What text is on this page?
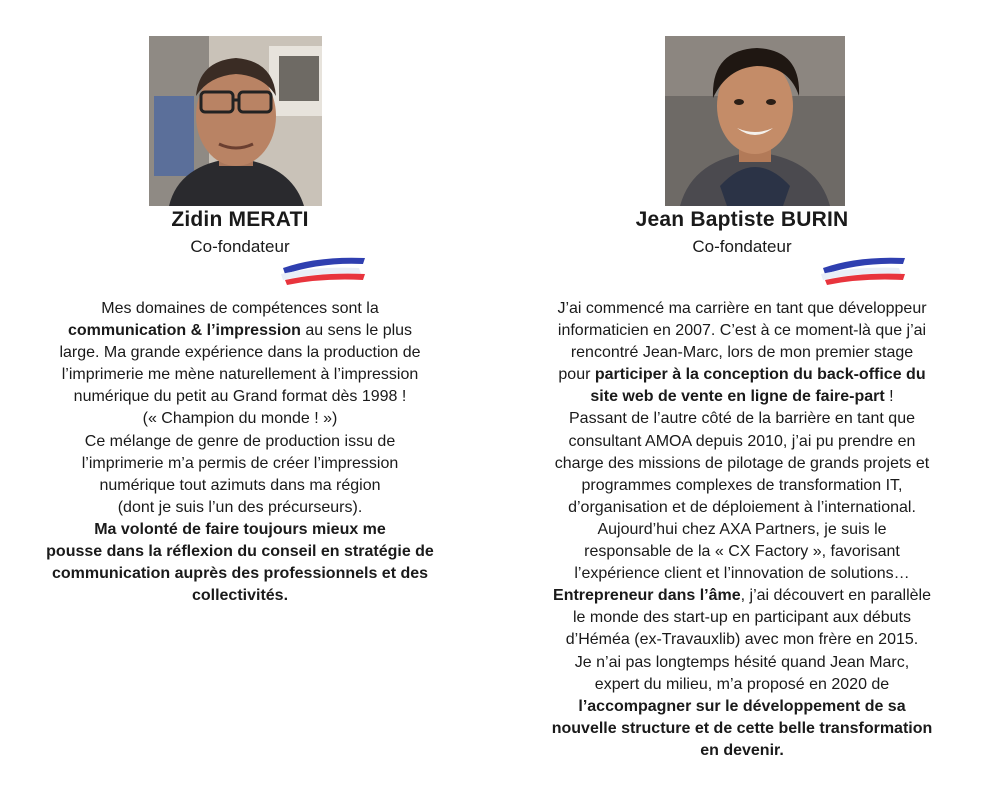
Zidin MERATI
Co-fondateur

Mes domaines de compétences sont la

communication & l’impression au sens le plus

large. Ma grande expérience dans la production de

l’imprimerie me mène naturellement à l’impression

numérique du petit au Grand format dès 1998 !

(« Champion du monde ! »)

Ce mélange de genre de production issu de

l’imprimerie m’a permis de créer l’impression

numérique tout azimuts dans ma région

(dont je suis l’un des précurseurs).

Ma volonté de faire toujours mieux me

pousse dans la réflexion du conseil en stratégie de

communication auprès des professionnels et des

collectivités.

Jean Baptiste BURIN
Co-fondateur

J’ai commencé ma carrière en tant que développeur

informaticien en 2007. C’est à ce moment-là que j’ai

rencontré Jean-Marc, lors de mon premier stage

pour participer à la conception du back-office du

site web de vente en ligne de faire-part !

Passant de l’autre côté de la barrière en tant que

consultant AMOA depuis 2010, j’ai pu prendre en

charge des missions de pilotage de grands projets et

programmes complexes de transformation IT,

d’organisation et de déploiement à l’international.

Aujourd’hui chez AXA Partners, je suis le

responsable de la « CX Factory », favorisant

l’expérience client et l’innovation de solutions…

Entrepreneur dans l’âme, j’ai découvert en parallèle

le monde des start-up en participant aux débuts

d’Héméa (ex-Travauxlib) avec mon frère en 2015.

Je n’ai pas longtemps hésité quand Jean Marc,

expert du milieu, m’a proposé en 2020 de

l’accompagner sur le développement de sa

nouvelle structure et de cette belle transformation

en devenir.
